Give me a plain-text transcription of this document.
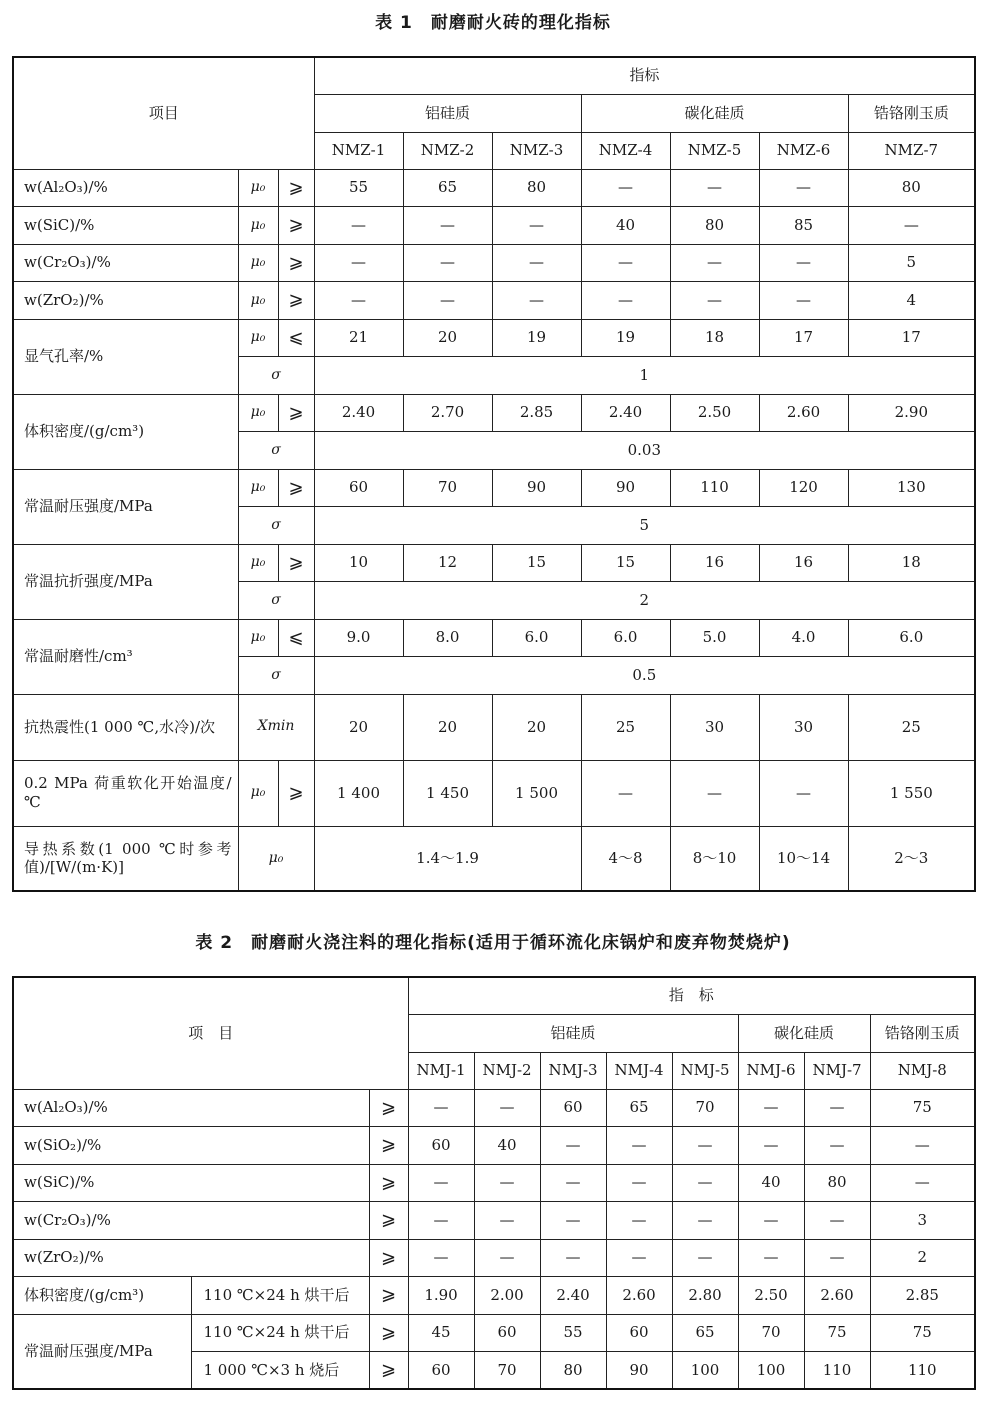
表 1　耐磨耐火砖的理化指标
项目			指标						
			铝硅质			碳化硅质			锆铬刚玉质
			NMZ-1	NMZ-2	NMZ-3	NMZ-4	NMZ-5	NMZ-6	NMZ-7
w(Al₂O₃)/%	μ₀	⩾	55	65	80	—	—	—	80
w(SiC)/%	μ₀	⩾	—	—	—	40	80	85	—
w(Cr₂O₃)/%	μ₀	⩾	—	—	—	—	—	—	5
w(ZrO₂)/%	μ₀	⩾	—	—	—	—	—	—	4
显气孔率/%	μ₀	⩽	21	20	19	19	18	17	17
	σ		1						
体积密度/(g/cm³)	μ₀	⩾	2.40	2.70	2.85	2.40	2.50	2.60	2.90
	σ		0.03						
常温耐压强度/MPa	μ₀	⩾	60	70	90	90	110	120	130
	σ		5						
常温抗折强度/MPa	μ₀	⩾	10	12	15	15	16	16	18
	σ		2						
常温耐磨性/cm³	μ₀	⩽	9.0	8.0	6.0	6.0	5.0	4.0	6.0
	σ		0.5						
抗热震性(1 000 ℃,水冷)/次	Xmin		20	20	20	25	30	30	25
0.2 MPa 荷重软化开始温度/℃	μ₀	⩾	1 400	1 450	1 500	—	—	—	1 550
导热系数(1 000 ℃时参考值)/[W/(m·K)]	μ₀		1.4～1.9			4～8	8～10	10～14	2～3
表 2　耐磨耐火浇注料的理化指标(适用于循环流化床锅炉和废弃物焚烧炉)
项　目			指　标							
			铝硅质					碳化硅质		锆铬刚玉质
			NMJ-1	NMJ-2	NMJ-3	NMJ-4	NMJ-5	NMJ-6	NMJ-7	NMJ-8
w(Al₂O₃)/%		⩾	—	—	60	65	70	—	—	75
w(SiO₂)/%		⩾	60	40	—	—	—	—	—	—
w(SiC)/%		⩾	—	—	—	—	—	40	80	—
w(Cr₂O₃)/%		⩾	—	—	—	—	—	—	—	3
w(ZrO₂)/%		⩾	—	—	—	—	—	—	—	2
体积密度/(g/cm³)	110 ℃×24 h 烘干后	⩾	1.90	2.00	2.40	2.60	2.80	2.50	2.60	2.85
常温耐压强度/MPa	110 ℃×24 h 烘干后	⩾	45	60	55	60	65	70	75	75
	1 000 ℃×3 h 烧后	⩾	60	70	80	90	100	100	110	110
